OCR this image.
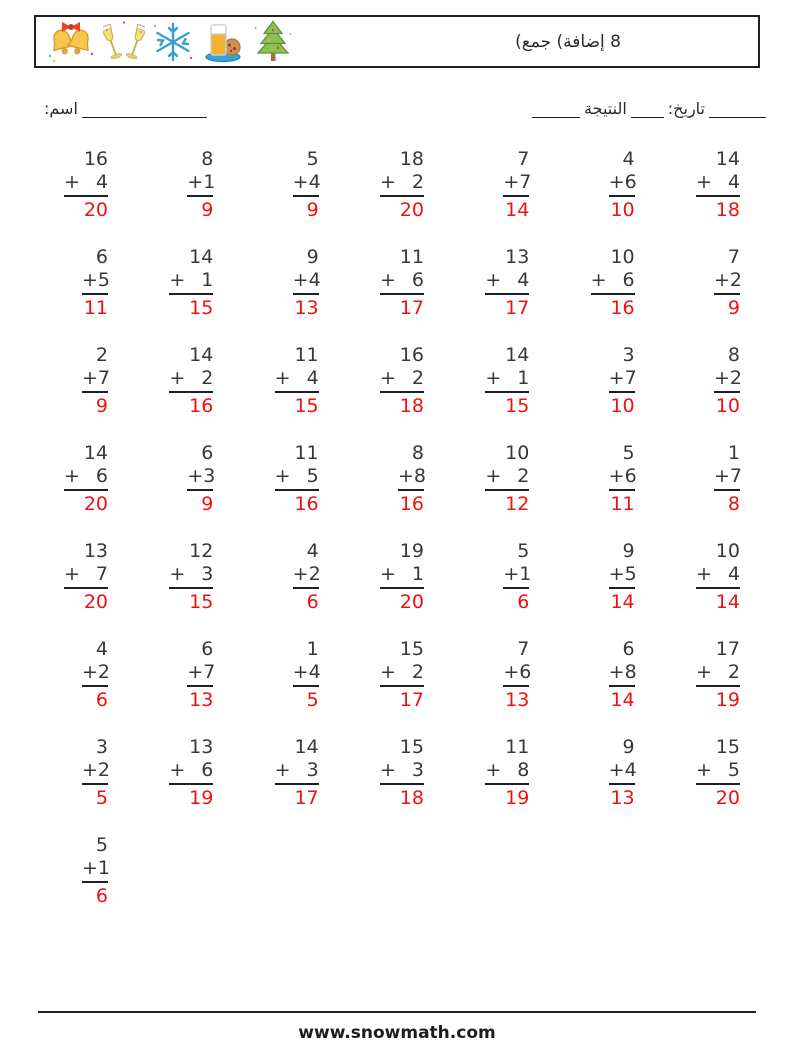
(⁨جمع⁩ (⁨إضافة⁩ 8
اسم:	النتيجة	تاريخ:
16
+ 4
20
8
+ 1
9
5
+ 4
9
18
+ 2
20
7
+ 7
14
4
+ 6
10
14
+ 4
18
6
+ 5
11
14
+ 1
15
9
+ 4
13
11
+ 6
17
13
+ 4
17
10
+ 6
16
7
+ 2
9
2
+ 7
9
14
+ 2
16
11
+ 4
15
16
+ 2
18
14
+ 1
15
3
+ 7
10
8
+ 2
10
14
+ 6
20
6
+ 3
9
11
+ 5
16
8
+ 8
16
10
+ 2
12
5
+ 6
11
1
+ 7
8
13
+ 7
20
12
+ 3
15
4
+ 2
6
19
+ 1
20
5
+ 1
6
9
+ 5
14
10
+ 4
14
4
+ 2
6
6
+ 7
13
1
+ 4
5
15
+ 2
17
7
+ 6
13
6
+ 8
14
17
+ 2
19
3
+ 2
5
13
+ 6
19
14
+ 3
17
15
+ 3
18
11
+ 8
19
9
+ 4
13
15
+ 5
20
5
+ 1
6
www.snowmath.com
